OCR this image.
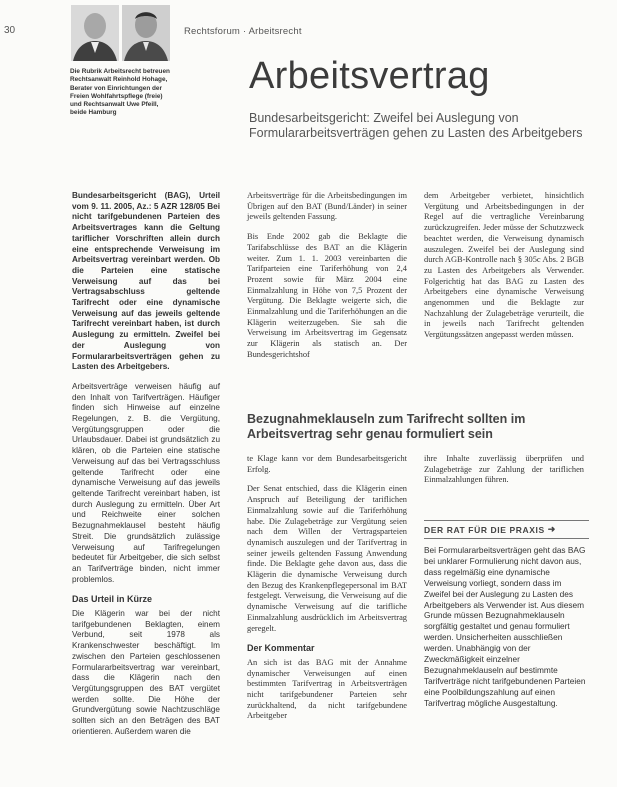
30	Rechtsforum · Arbeitsrecht

Die Rubrik Arbeitsrecht betreuen

Rechtsanwalt Reinhold Hohage,

Berater von Einrichtungen der

Freien Wohlfahrtspflege (freie)

und Rechtsanwalt Uwe Pfeill,

beide Hamburg

Arbeitsvertrag
Bundesarbeitsgericht: Zweifel bei Auslegung von Formulararbeitsverträgen gehen zu Lasten des Arbeitgebers

Bundesarbeitsgericht (BAG), Urteil vom 9. 11. 2005, Az.: 5 AZR 128/05 Bei nicht tarifgebundenen Parteien des Arbeitsvertrages kann die Geltung tariflicher Vorschriften allein durch eine entsprechende Verweisung im Arbeitsvertrag vereinbart werden. Ob die Parteien eine statische Verweisung auf das bei Vertragsabschluss geltende Tarifrecht oder eine dynamische Verweisung auf das jeweils geltende Tarifrecht vereinbart haben, ist durch Auslegung zu ermitteln. Zweifel bei der Auslegung von Formulararbeitsverträgen gehen zu Lasten des Arbeitgebers.

Arbeitsverträge verweisen häufig auf den Inhalt von Tarifverträgen. Häufiger finden sich Hinweise auf einzelne Regelungen, z. B. die Vergütung, Vergütungsgruppen oder die Urlaubsdauer. Dabei ist grundsätzlich zu klären, ob die Parteien eine statische Verweisung auf das bei Vertragsschluss geltende Tarifrecht oder eine dynamische Verweisung auf das jeweils geltende Tarifrecht vereinbart haben, ist durch Auslegung zu ermitteln. Über Art und Reichweite einer solchen Bezugnahmeklausel besteht häufig Streit. Die grundsätzlich zulässige Verweisung auf Tarifregelungen bedeutet für Arbeitgeber, die sich selbst an Tarifverträge binden, nicht immer problemlos.

Das Urteil in Kürze

Die Klägerin war bei der nicht tarifgebundenen Beklagten, einem Verbund, seit 1978 als Krankenschwester beschäftigt. Im zwischen den Parteien geschlossenen Formulararbeitsvertrag war vereinbart, dass die Klägerin nach den Vergütungsgruppen des BAT vergütet werden sollte. Die Höhe der Grundvergütung sowie Nachtzuschläge sollten sich an den Beträgen des BAT orientieren. Außerdem waren die

Arbeitsverträge für die Arbeitsbedingungen im Übrigen auf den BAT (Bund/Länder) in seiner jeweils geltenden Fassung.

Bis Ende 2002 gab die Beklagte die Tarifabschlüsse des BAT an die Klägerin weiter. Zum 1. 1. 2003 vereinbarten die Tarifparteien eine Tariferhöhung von 2,4 Prozent sowie für März 2004 eine Einmalzahlung in Höhe von 7,5 Prozent der Vergütung. Die Beklagte weigerte sich, die Einmalzahlung und die Tariferhöhungen an die Klägerin weiterzugeben. Sie sah die Verweisung im Arbeitsvertrag im Gegensatz zur Klägerin als statisch an. Der Bundesgerichtshof

dem Arbeitgeber verbietet, hinsichtlich Vergütung und Arbeitsbedingungen in der Regel auf die vertragliche Vereinbarung zurückzugreifen. Jeder müsse der Schutzzweck beachtet werden, die Verweisung dynamisch auszulegen. Zweifel bei der Auslegung sind durch AGB-Kontrolle nach § 305c Abs. 2 BGB zu Lasten des Arbeitgebers als Verwender. Folgerichtig hat das BAG zu Lasten des Arbeitgebers eine dynamische Verweisung angenommen und die Beklagte zur Nachzahlung der Zulagebeträge verurteilt, die in jeweils nach Tarifrecht geltenden Vergütungssätzen angepasst werden müssen.

Bezugnahmeklauseln zum Tarifrecht sollten im Arbeitsvertrag sehr genau formuliert sein

te Klage kann vor dem Bundesarbeitsgericht Erfolg.

Der Senat entschied, dass die Klägerin einen Anspruch auf Beteiligung der tariflichen Einmalzahlung sowie auf die Tariferhöhung habe. Die Zulagebeträge zur Vergütung seien nach dem Willen der Vertragsparteien dynamisch auszulegen und der Tarifvertrag in seiner jeweils geltenden Fassung Anwendung finde. Die Beklagte gehe davon aus, dass die Klägerin die dynamische Verweisung durch den Bezug des Krankenpflegepersonal im BAT festgelegt. Verweisung, die Verweisung auf die dynamische Verweisung auf die tarifliche Einmalzahlung ausdrücklich im Arbeitsvertrag geregelt.

Der Kommentar

An sich ist das BAG mit der Annahme dynamischer Verweisungen auf einen bestimmten Tarifvertrag in Arbeitsverträgen nicht tarifgebundener Parteien sehr zurückhaltend, da nicht tarifgebundene Arbeitgeber

ihre Inhalte zuverlässig überprüfen und Zulagebeträge zur Zahlung der tariflichen Einmalzahlungen führen.

DER RAT FÜR DIE PRAXIS ➜
Bei Formulararbeitsverträgen geht das BAG bei unklarer Formulierung nicht davon aus, dass regelmäßig eine dynamische Verweisung vorliegt, sondern dass im Zweifel bei der Auslegung zu Lasten des Arbeitgebers als Verwender ist. Aus diesem Grunde müssen Bezugnahmeklauseln sorgfältig gestaltet und genau formuliert werden. Unsicherheiten ausschließen werden. Unabhängig von der Zweckmäßigkeit einzelner Bezugnahmeklauseln auf bestimmte Tarifverträge nicht tarifgebundenen Parteien eine Poolbildungszahlung auf einen Tarifvertrag mögliche Ausgestaltung.
